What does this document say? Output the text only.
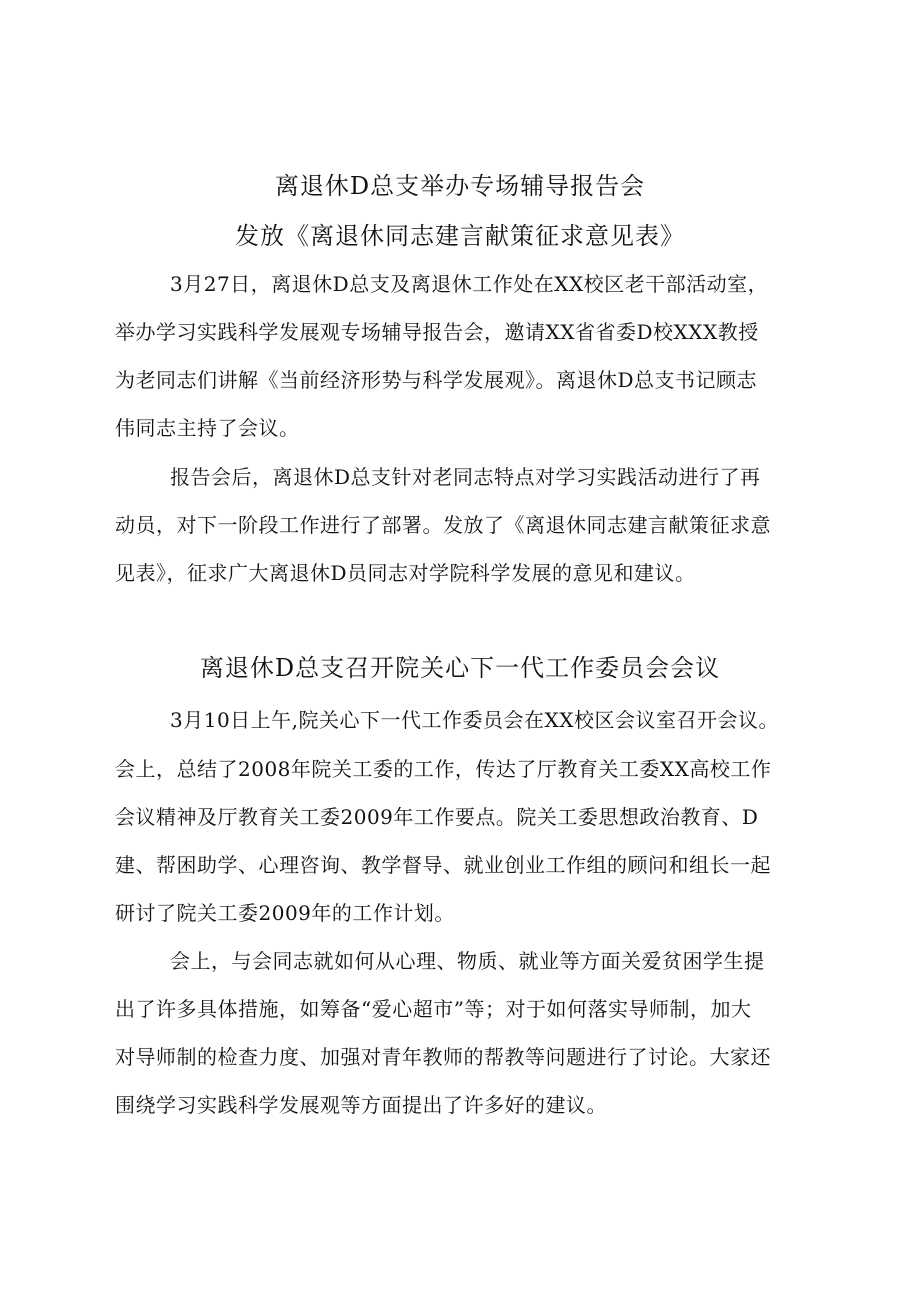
离退休D总支举办专场辅导报告会
发放《离退休同志建言献策征求意见表》
3月27日，离退休D总支及离退休工作处在XX校区老干部活动室，
举办学习实践科学发展观专场辅导报告会，邀请XX省省委D校XXX教授
为老同志们讲解《当前经济形势与科学发展观》。离退休D总支书记顾志
伟同志主持了会议。
报告会后，离退休D总支针对老同志特点对学习实践活动进行了再
动员，对下一阶段工作进行了部署。发放了《离退休同志建言献策征求意
见表》，征求广大离退休D员同志对学院科学发展的意见和建议。
离退休D总支召开院关心下一代工作委员会会议
3月10日上午,院关心下一代工作委员会在XX校区会议室召开会议。
会上，总结了2008年院关工委的工作，传达了厅教育关工委XX高校工作
会议精神及厅教育关工委2009年工作要点。院关工委思想政治教育、D
建、帮困助学、心理咨询、教学督导、就业创业工作组的顾问和组长一起
研讨了院关工委2009年的工作计划。
会上，与会同志就如何从心理、物质、就业等方面关爱贫困学生提
出了许多具体措施，如筹备“爱心超市”等；对于如何落实导师制，加大
对导师制的检查力度、加强对青年教师的帮教等问题进行了讨论。大家还
围绕学习实践科学发展观等方面提出了许多好的建议。
